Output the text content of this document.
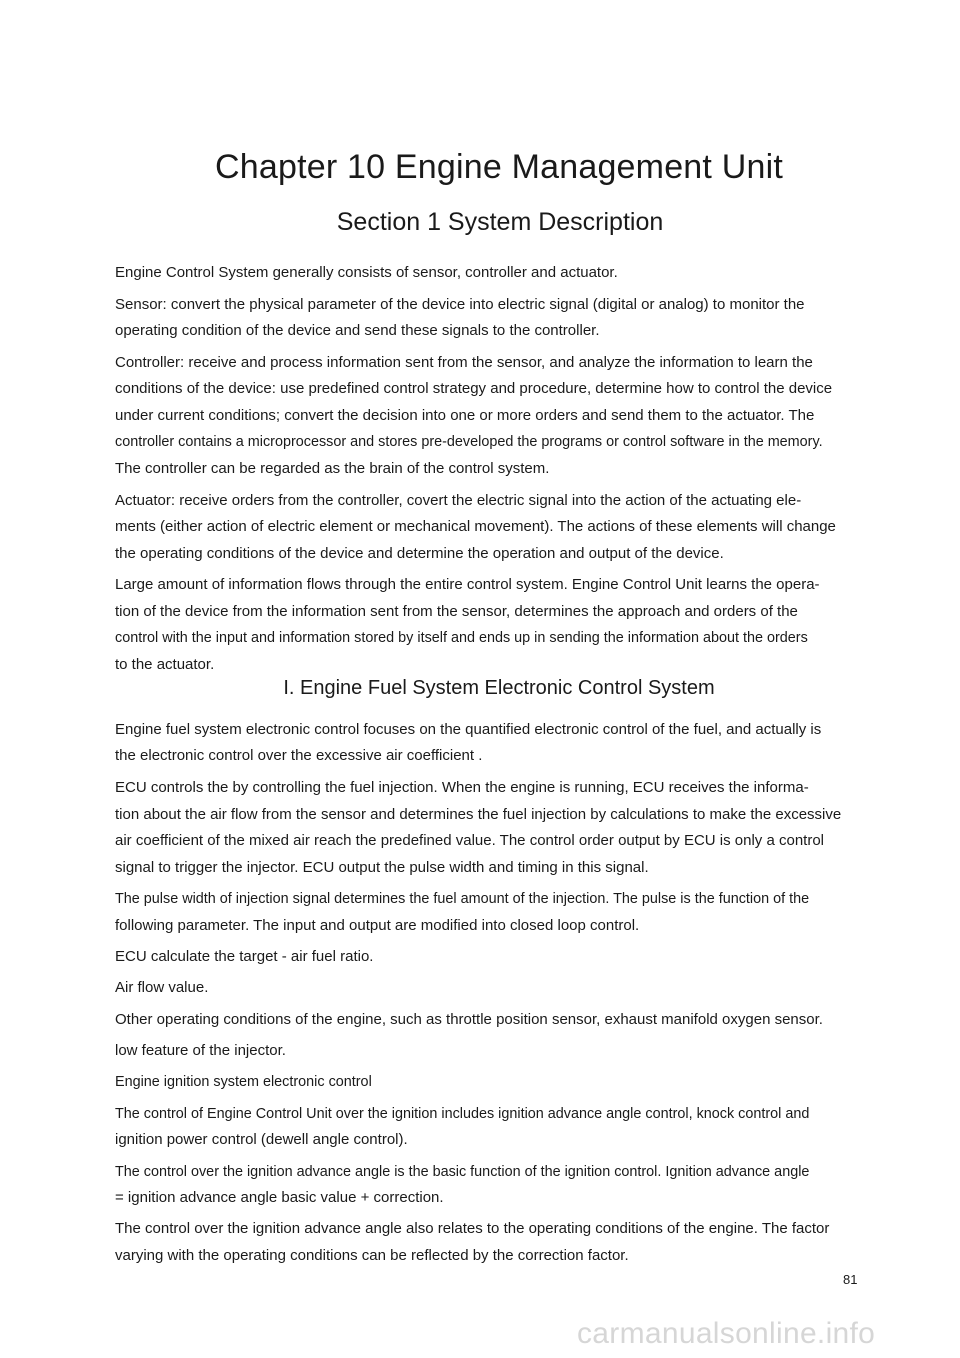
Chapter 10 Engine Management Unit
Section 1 System Description

Engine Control System generally consists of sensor, controller and actuator.

Sensor: convert the physical parameter of the device into electric signal (digital or analog) to monitor the

operating condition of the device and send these signals to the controller.

Controller: receive and process information sent from the sensor, and analyze the information to learn the

conditions of the device: use predefined control strategy and procedure, determine how to control the device

under current conditions; convert the decision into one or more orders and send them to the actuator. The

controller contains a microprocessor and stores pre-developed the programs or control software in the memory.

The controller can be regarded as the brain of the control system.

Actuator: receive orders from the controller, covert the electric signal into the action of the actuating ele-

ments (either action of electric element or mechanical movement). The actions of these elements will change

the operating conditions of the device and determine the operation and output of the device.

Large amount of information flows through the entire control system. Engine Control Unit learns the opera-

tion of the device from the information sent from the sensor, determines the approach and orders of the

control with the input and information stored by itself and ends up in sending the information about the orders

to the actuator.

I. Engine Fuel System Electronic Control System

Engine fuel system electronic control focuses on the quantified electronic control of the fuel, and actually is

the electronic control over the excessive air coefficient .

ECU controls the by controlling the fuel injection. When the engine is running, ECU receives the informa-

tion about the air flow from the sensor and determines the fuel injection by calculations to make the excessive

air coefficient of the mixed air reach the predefined value. The control order output by ECU is only a control

signal to trigger the injector. ECU output the pulse width and timing in this signal.

The pulse width of injection signal determines the fuel amount of the injection. The pulse is the function of the

following parameter. The input and output are modified into closed loop control.

ECU calculate the target - air fuel ratio.

Air flow value.

Other operating conditions of the engine, such as throttle position sensor, exhaust manifold oxygen sensor.

low feature of the injector.

Engine ignition system electronic control

The control of Engine Control Unit over the ignition includes ignition advance angle control, knock control and

ignition power control (dewell angle control).

The control over the ignition advance angle is the basic function of the ignition control. Ignition advance angle

= ignition advance angle basic value + correction.

The control over the ignition advance angle also relates to the operating conditions of the engine. The factor

varying with the operating conditions can be reflected by the correction factor.

81

carmanualsonline.info
